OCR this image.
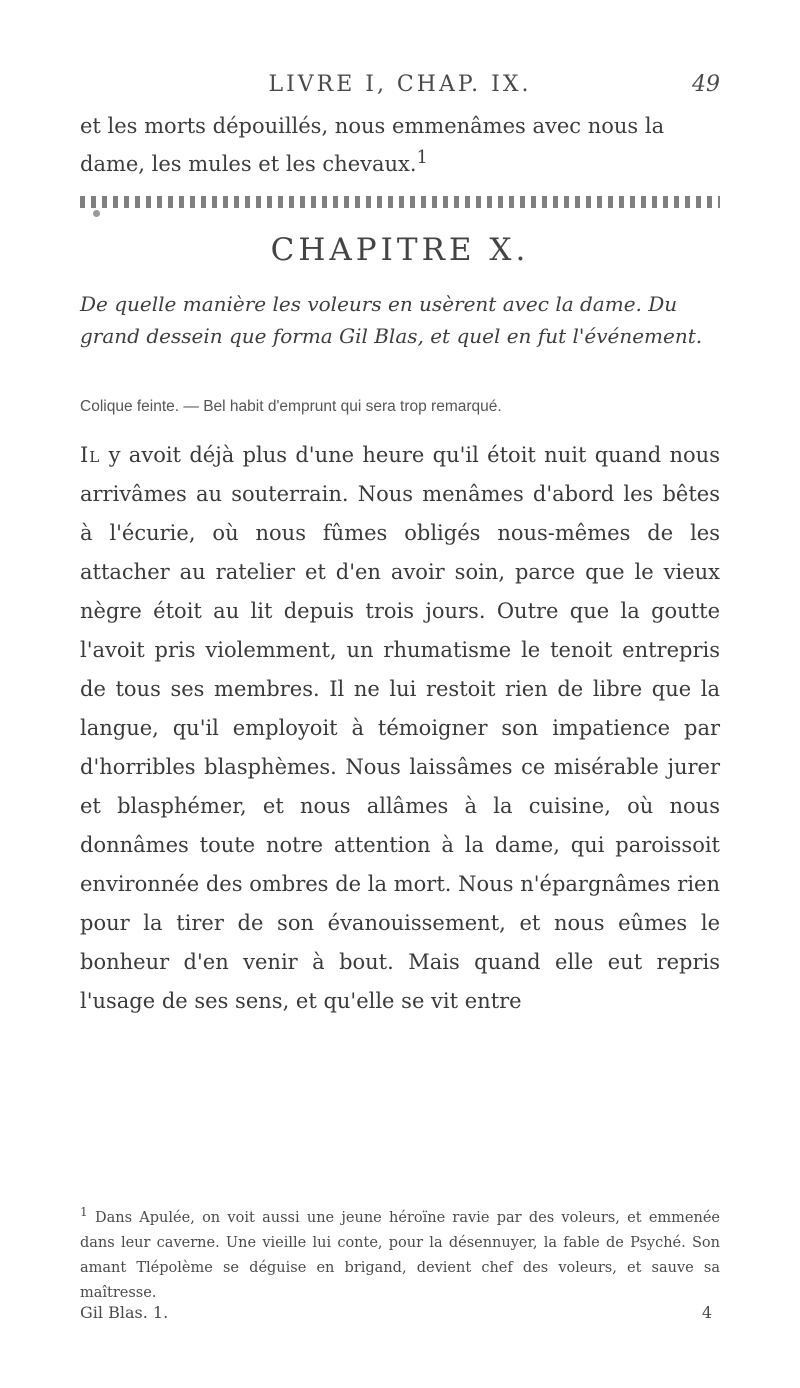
LIVRE I, CHAP. IX.	49
et les morts dépouillés, nous emmenâmes avec nous la dame, les mules et les chevaux.$^1$
CHAPITRE X.
De quelle manière les voleurs en usèrent avec la dame. Du grand dessein que forma Gil Blas, et quel en fut l'événement.
Colique feinte. — Bel habit d'emprunt qui sera trop remarqué.

Il y avoit déjà plus d'une heure qu'il étoit nuit quand nous arrivâmes au souterrain. Nous menâmes d'abord les bêtes à l'écurie, où nous fûmes obligés nous-mêmes de les attacher au ratelier et d'en avoir soin, parce que le vieux nègre étoit au lit depuis trois jours. Outre que la goutte l'avoit pris violemment, un rhumatisme le tenoit entrepris de tous ses membres. Il ne lui restoit rien de libre que la langue, qu'il employoit à témoigner son impatience par d'horribles blasphèmes. Nous laissâmes ce misérable jurer et blasphémer, et nous allâmes à la cuisine, où nous donnâmes toute notre attention à la dame, qui paroissoit environnée des ombres de la mort. Nous n'épargnâmes rien pour la tirer de son évanouissement, et nous eûmes le bonheur d'en venir à bout. Mais quand elle eut repris l'usage de ses sens, et qu'elle se vit entre

$^1$ Dans Apulée, on voit aussi une jeune héroïne ravie par des voleurs, et emmenée dans leur caverne. Une vieille lui conte, pour la désennuyer, la fable de Psyché. Son amant Tlépolème se déguise en brigand, devient chef des voleurs, et sauve sa maîtresse.
Gil Blas. 1.	4
